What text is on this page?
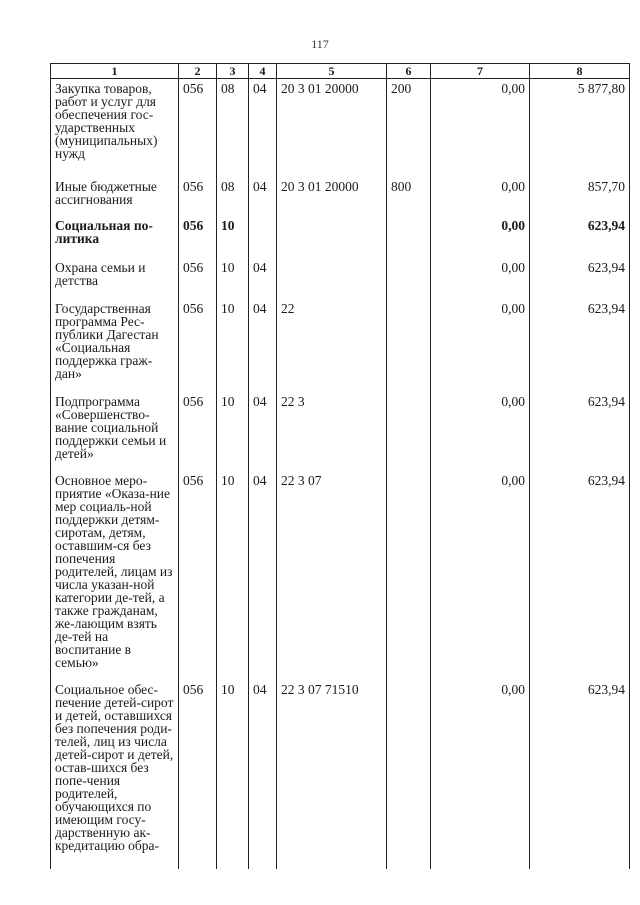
117
1	2	3	4	5	6	7	8
Закупка товаров, работ и услуг для обеспечения гос-ударственных (муниципальных) нужд	056	08	04	20 3 01 20000	200	0,00	5 877,80
Иные бюджетные ассигнования	056	08	04	20 3 01 20000	800	0,00	857,70
Социальная по-литика	056	10				0,00	623,94
Охрана семьи и детства	056	10	04			0,00	623,94
Государственная программа Рес-публики Дагестан «Социальная поддержка граж-дан»	056	10	04	22		0,00	623,94
Подпрограмма «Совершенство-вание социальной поддержки семьи и детей»	056	10	04	22 3		0,00	623,94
Основное меро-приятие «Оказа-ние мер социаль-ной поддержки детям-сиротам, детям, оставшим-ся без попечения родителей, лицам из числа указан-ной категории де-тей, а также гражданам, же-лающим взять де-тей на воспитание в семью»	056	10	04	22 3 07		0,00	623,94
Социальное обес-печение детей-сирот и детей, оставшихся без попечения роди-телей, лиц из числа детей-сирот и детей, остав-шихся без попе-чения родителей, обучающихся по имеющим госу-дарственную ак-кредитацию обра-	056	10	04	22 3 07 71510		0,00	623,94
